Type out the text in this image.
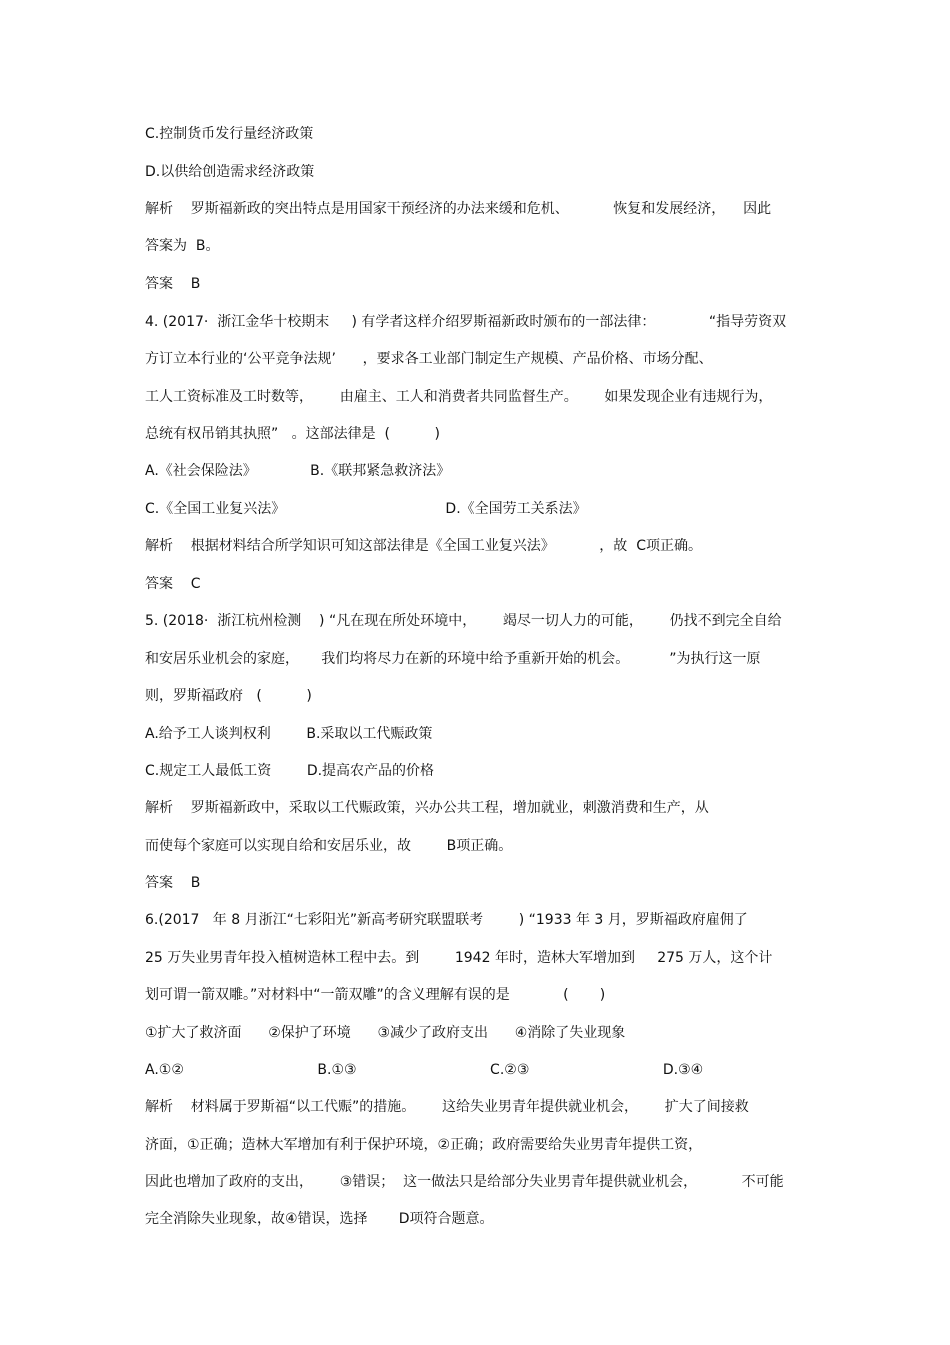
C.控制货币发行量经济政策
D.以供给创造需求经济政策
解析    罗斯福新政的突出特点是用国家干预经济的办法来缓和危机、          恢复和发展经济，    因此
答案为  B。
答案    B
4. (2017·  浙江金华十校期末     ) 有学者这样介绍罗斯福新政时颁布的一部法律：            “指导劳资双
方订立本行业的‘公平竞争法规’      ，要求各工业部门制定生产规模、产品价格、市场分配、
工人工资标准及工时数等，      由雇主、工人和消费者共同监督生产。      如果发现企业有违规行为，
总统有权吊销其执照”   。这部法律是  (          )
A.《社会保险法》            B.《联邦紧急救济法》
C.《全国工业复兴法》                                    D.《全国劳工关系法》
解析    根据材料结合所学知识可知这部法律是《全国工业复兴法》          ，故  C项正确。
答案    C
5. (2018·  浙江杭州检测    ) “凡在现在所处环境中，      竭尽一切人力的可能，      仍找不到完全自给
和安居乐业机会的家庭，     我们均将尽力在新的环境中给予重新开始的机会。         ”为执行这一原
则，罗斯福政府   (          )
A.给予工人谈判权利        B.采取以工代赈政策
C.规定工人最低工资        D.提高农产品的价格
解析    罗斯福新政中，采取以工代赈政策，兴办公共工程，增加就业，刺激消费和生产，从
而使每个家庭可以实现自给和安居乐业，故        B项正确。
答案    B
6.(2017   年 8 月浙江“七彩阳光”新高考研究联盟联考        ) “1933 年 3 月，罗斯福政府雇佣了
25 万失业男青年投入植树造林工程中去。到        1942 年时，造林大军增加到     275 万人，这个计
划可谓一箭双雕。”对材料中“一箭双雕”的含义理解有误的是            (       )
①扩大了救济面      ②保护了环境      ③减少了政府支出      ④消除了失业现象
A.①②                              B.①③                              C.②③                              D.③④
解析    材料属于罗斯福“以工代赈”的措施。      这给失业男青年提供就业机会，      扩大了间接救
济面，①正确；造林大军增加有利于保护环境，②正确；政府需要给失业男青年提供工资，
因此也增加了政府的支出，      ③错误；  这一做法只是给部分失业男青年提供就业机会，          不可能
完全消除失业现象，故④错误，选择       D项符合题意。
